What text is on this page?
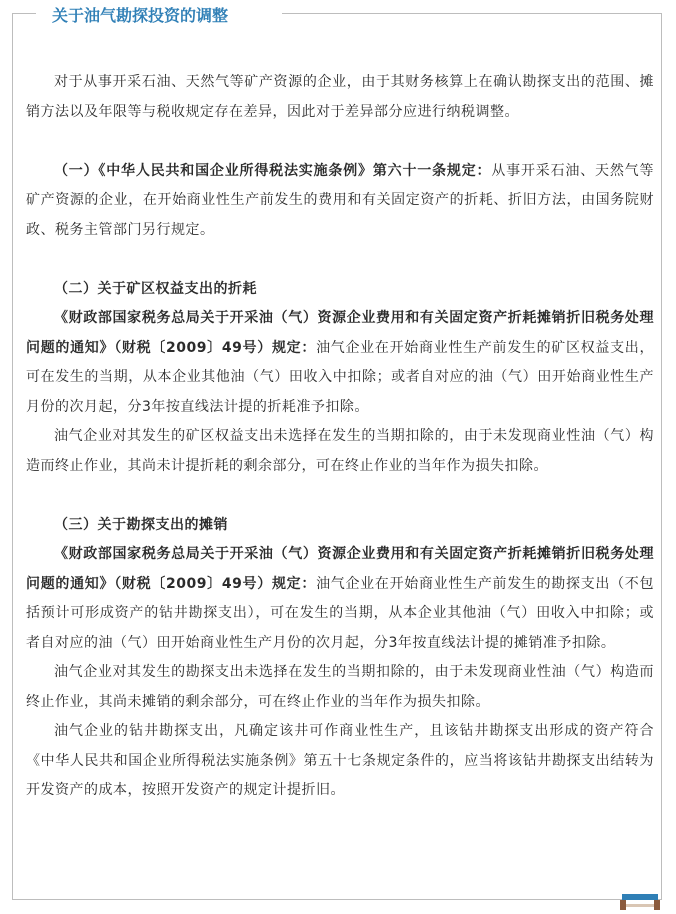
关于油气勘探投资的调整

对于从事开采石油、天然气等矿产资源的企业，由于其财务核算上在确认勘探支出的范围、摊销方法以及年限等与税收规定存在差异，因此对于差异部分应进行纳税调整。

（一）《中华人民共和国企业所得税法实施条例》第六十一条规定：从事开采石油、天然气等矿产资源的企业，在开始商业性生产前发生的费用和有关固定资产的折耗、折旧方法，由国务院财政、税务主管部门另行规定。

（二）关于矿区权益支出的折耗

《财政部国家税务总局关于开采油（气）资源企业费用和有关固定资产折耗摊销折旧税务处理问题的通知》（财税〔2009〕49号）规定：油气企业在开始商业性生产前发生的矿区权益支出，可在发生的当期，从本企业其他油（气）田收入中扣除；或者自对应的油（气）田开始商业性生产月份的次月起，分3年按直线法计提的折耗准予扣除。

油气企业对其发生的矿区权益支出未选择在发生的当期扣除的，由于未发现商业性油（气）构造而终止作业，其尚未计提折耗的剩余部分，可在终止作业的当年作为损失扣除。

（三）关于勘探支出的摊销

《财政部国家税务总局关于开采油（气）资源企业费用和有关固定资产折耗摊销折旧税务处理问题的通知》（财税〔2009〕49号）规定：油气企业在开始商业性生产前发生的勘探支出（不包括预计可形成资产的钻井勘探支出），可在发生的当期，从本企业其他油（气）田收入中扣除；或者自对应的油（气）田开始商业性生产月份的次月起，分3年按直线法计提的摊销准予扣除。

油气企业对其发生的勘探支出未选择在发生的当期扣除的，由于未发现商业性油（气）构造而终止作业，其尚未摊销的剩余部分，可在终止作业的当年作为损失扣除。

油气企业的钻井勘探支出，凡确定该井可作商业性生产，且该钻井勘探支出形成的资产符合《中华人民共和国企业所得税法实施条例》第五十七条规定条件的，应当将该钻井勘探支出结转为开发资产的成本，按照开发资产的规定计提折旧。
